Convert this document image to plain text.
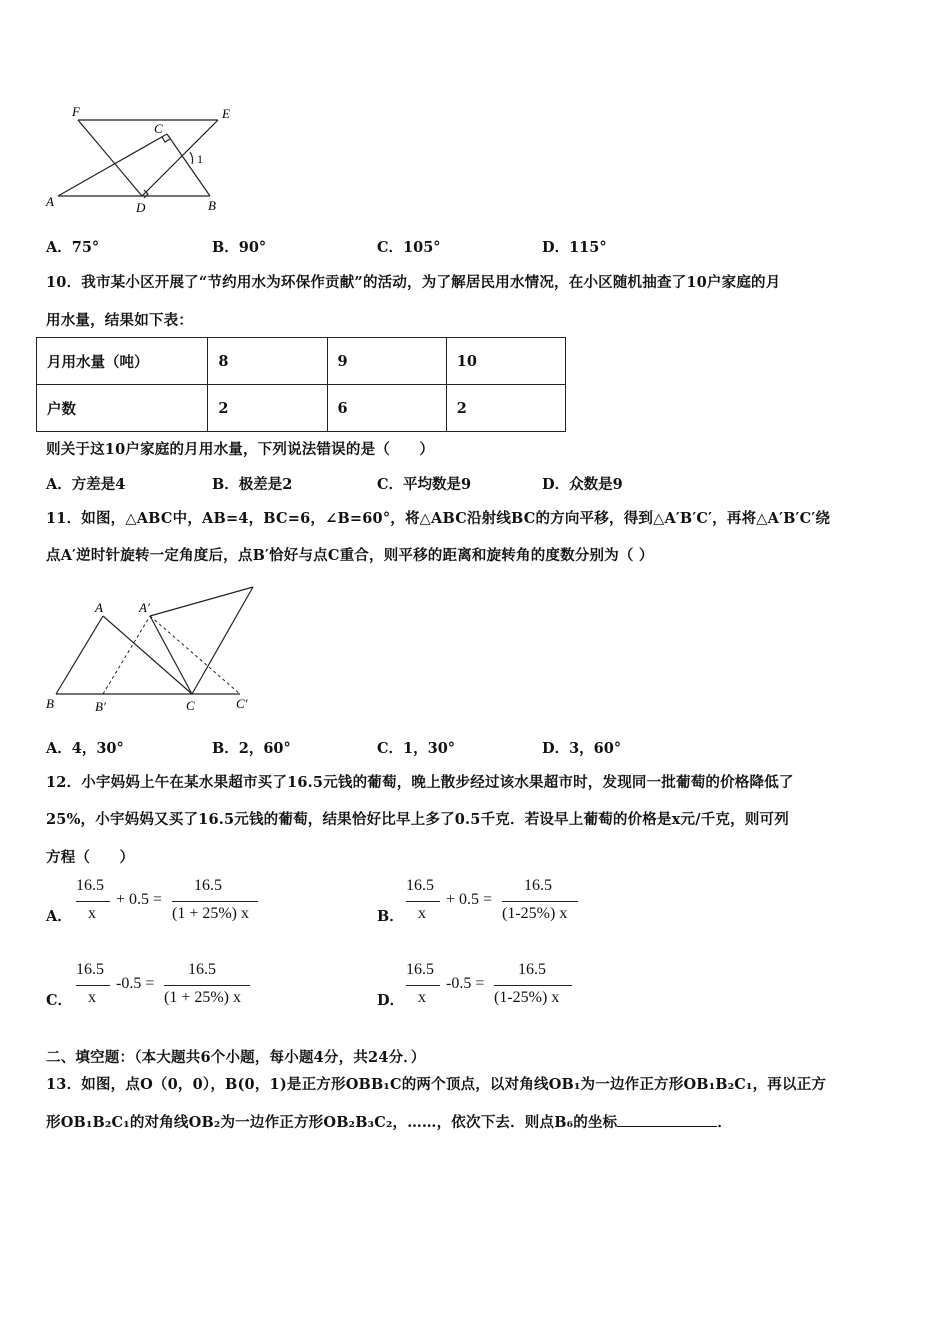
F	E
C
1
A	D	B
A．75°	B．90°	C．105°	D．115°
10．我市某小区开展了“节约用水为环保作贡献”的活动，为了解居民用水情况，在小区随机抽查了10户家庭的月
用水量，结果如下表：
月用水量（吨）	8	9	10
户数	2	6	2
则关于这10户家庭的月用水量，下列说法错误的是（　　）
A．方差是4	B．极差是2	C．平均数是9	D．众数是9
11．如图，△ABC中，AB=4，BC=6，∠B=60°，将△ABC沿射线BC的方向平移，得到△A′B′C′，再将△A′B′C′绕
点A′逆时针旋转一定角度后，点B′恰好与点C重合，则平移的距离和旋转角的度数分别为（ ）
A	A′
B	B′	C	C′
A．4，30°	B．2，60°	C．1，30°	D．3，60°
12．小宇妈妈上午在某水果超市买了16.5元钱的葡萄，晚上散步经过该水果超市时，发现同一批葡萄的价格降低了
25%，小宇妈妈又买了16.5元钱的葡萄，结果恰好比早上多了0.5千克．若设早上葡萄的价格是x元/千克，则可列
方程（　　）
A．
16.5
x
+ 0.5 =
16.5
(1 + 25%) x	B．
16.5
x
+ 0.5 =
16.5
(1-25%) x
C．
16.5
x
-0.5 =
16.5
(1 + 25%) x	D．
16.5
x
-0.5 =
16.5
(1-25%) x
二、填空题：（本大题共6个小题，每小题4分，共24分．）
13．如图，点O（0，0），B(0，1)是正方形OBB₁C的两个顶点，以对角线OB₁为一边作正方形OB₁B₂C₁，再以正方
形OB₁B₂C₁的对角线OB₂为一边作正方形OB₂B₃C₂，……，依次下去．则点B₆的坐标	．
